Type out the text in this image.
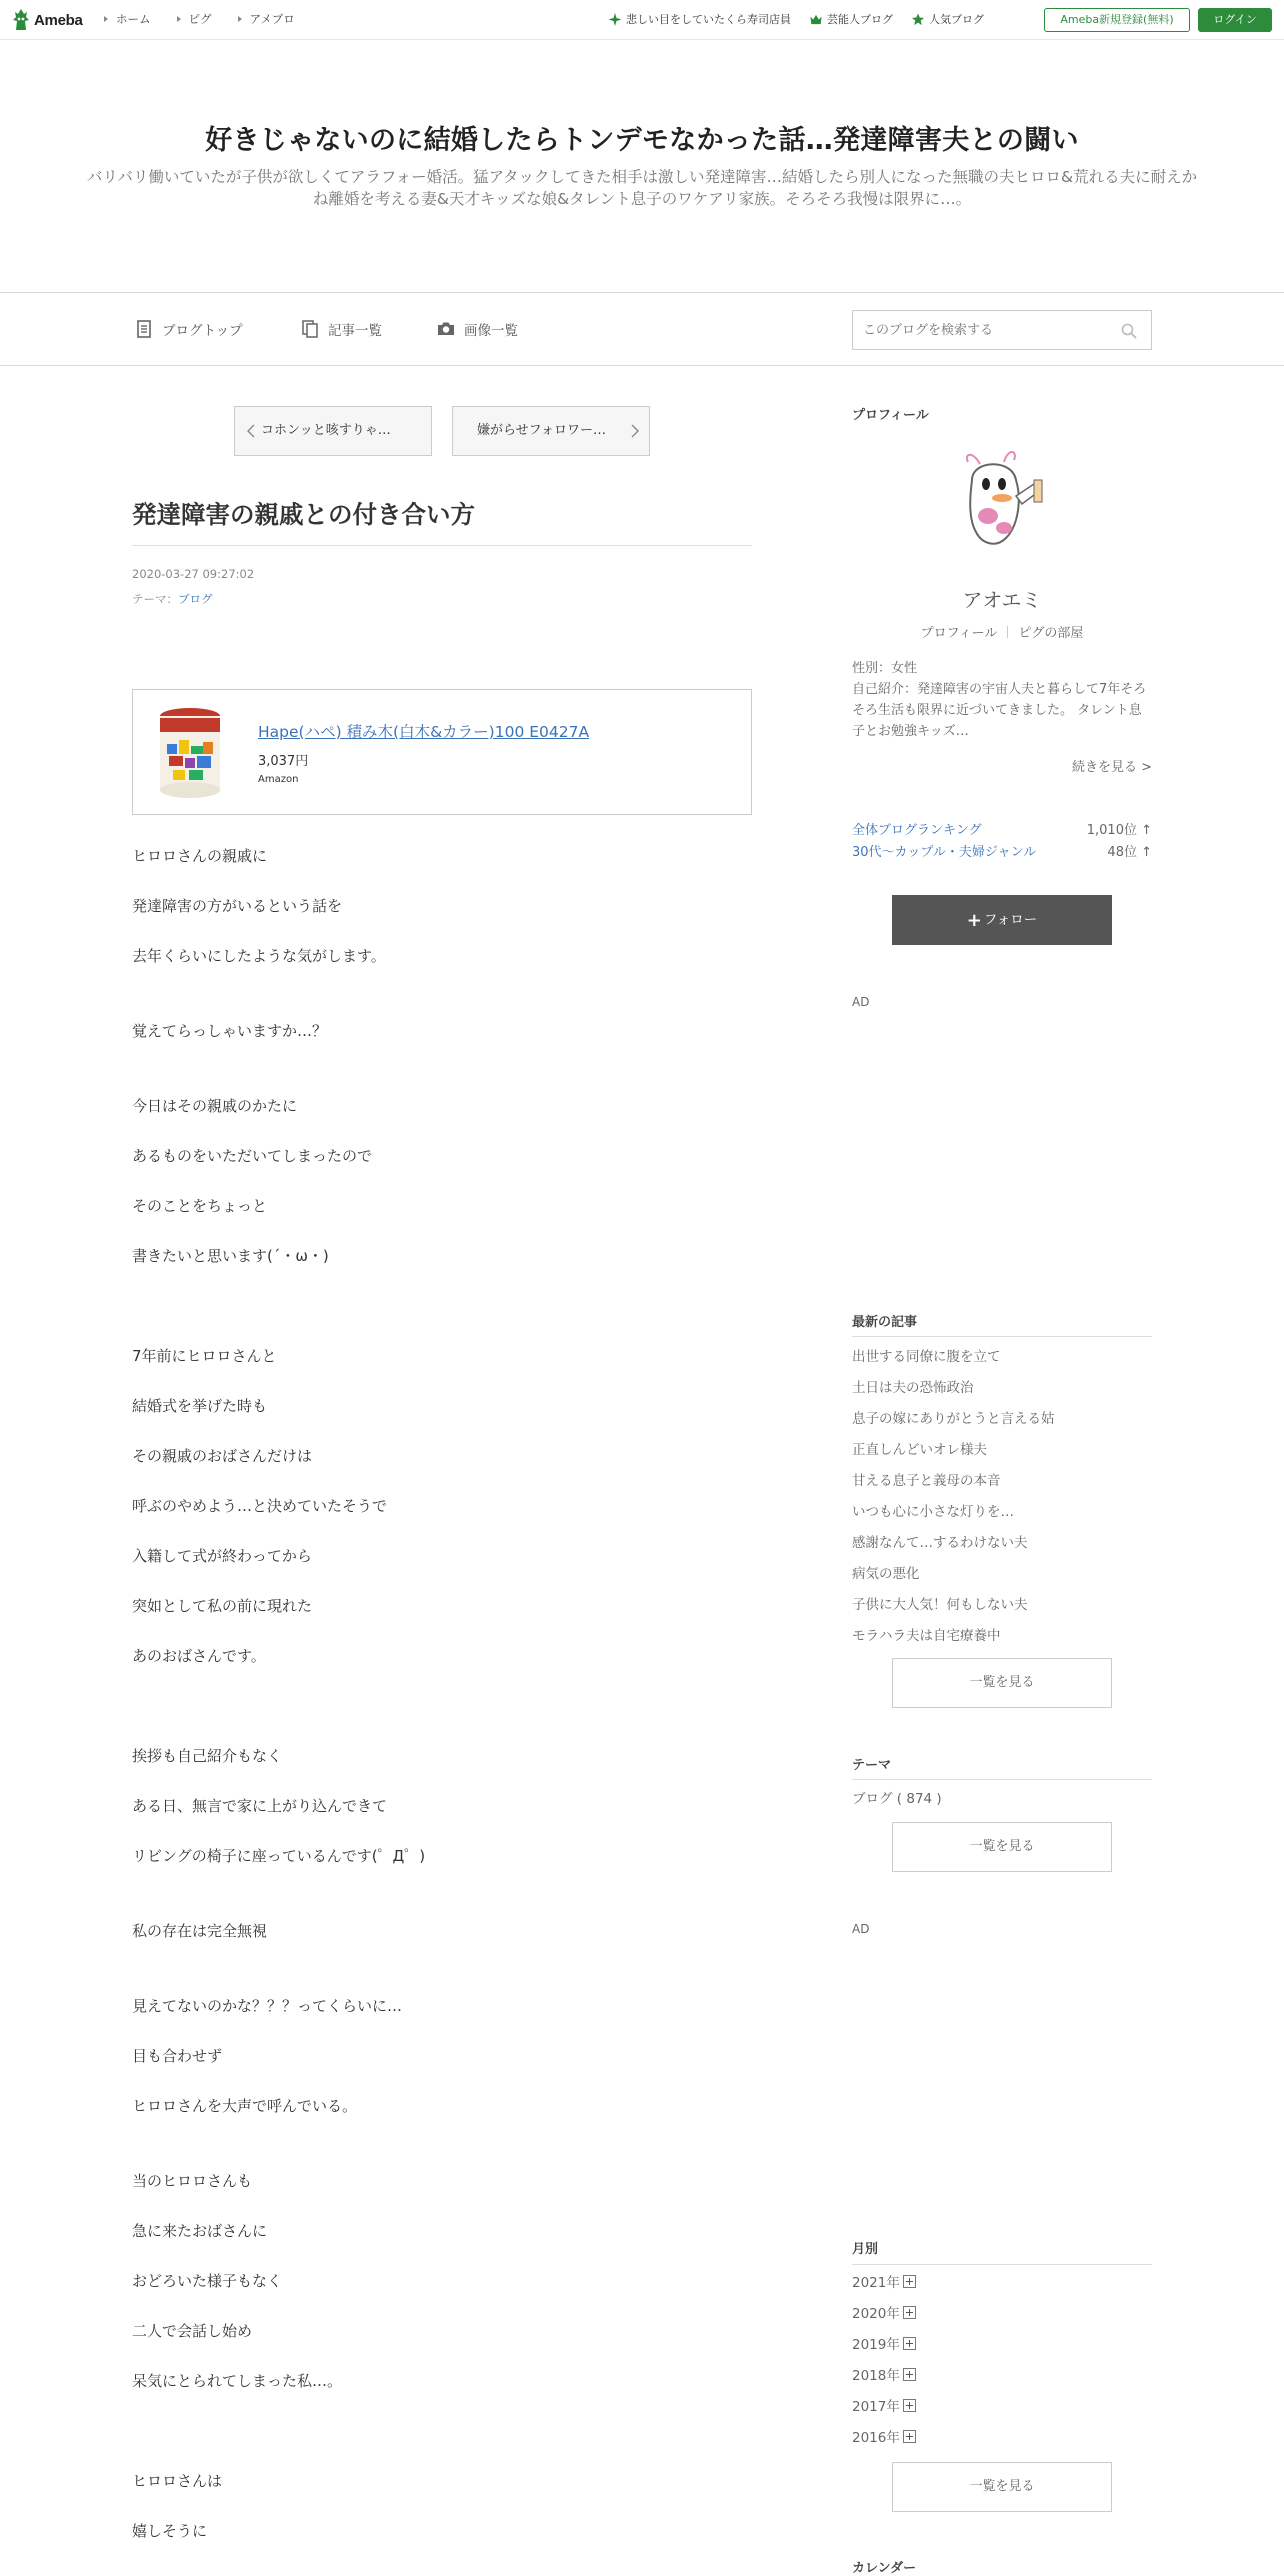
Ameba	ホーム	ピグ	アメブロ	悲しい目をしていたくら寿司店員	芸能人ブログ	人気ブログ	Ameba新規登録(無料)	ログイン
好きじゃないのに結婚したらトンデモなかった話…発達障害夫との闘い

バリバリ働いていたが子供が欲しくてアラフォー婚活。猛アタックしてきた相手は激しい発達障害…結婚したら別人になった無職の夫ヒロロ&荒れる夫に耐えかね離婚を考える妻&天才キッズな娘&タレント息子のワケアリ家族。そろそろ我慢は限界に…。

ブログトップ	記事一覧	画像一覧
このブログを検索する
コホンッと咳すりゃ…	嫌がらせフォロワー…
発達障害の親戚との付き合い方
2020-03-27 09:27:02
テーマ：ブログ
Hape(ハペ) 積み木(白木&カラー)100 E0427A
3,037円
Amazon

ヒロロさんの親戚に

発達障害の方がいるという話を

去年くらいにしたような気がします。

覚えてらっしゃいますか…？

今日はその親戚のかたに

あるものをいただいてしまったので

そのことをちょっと

書きたいと思います(´・ω・)

7年前にヒロロさんと

結婚式を挙げた時も

その親戚のおばさんだけは

呼ぶのやめよう…と決めていたそうで

入籍して式が終わってから

突如として私の前に現れた

あのおばさんです。

挨拶も自己紹介もなく

ある日、無言で家に上がり込んできて

リビングの椅子に座っているんです(゜Д゜)

私の存在は完全無視

見えてないのかな？？？ってくらいに…

目も合わせず

ヒロロさんを大声で呼んでいる。

当のヒロロさんも

急に来たおばさんに

おどろいた様子もなく

二人で会話し始め

呆気にとられてしまった私…。

ヒロロさんは

嬉しそうに

プロフィール
アオエミ
プロフィール ピグの部屋
性別：女性
自己紹介：発達障害の宇宙人夫と暮らして7年そろそろ生活も限界に近づいてきました。 タレント息子とお勉強キッズ…
続きを見る >
全体ブログランキング	1,010位 ↑
30代〜カップル・夫婦ジャンル	48位 ↑
+ フォロー
AD
最新の記事
出世する同僚に腹を立て
土日は夫の恐怖政治
息子の嫁にありがとうと言える姑
正直しんどいオレ様夫
甘える息子と義母の本音
いつも心に小さな灯りを…
感謝なんて…するわけない夫
病気の悪化
子供に大人気！何もしない夫
モラハラ夫は自宅療養中
一覧を見る
テーマ
ブログ ( 874 )
一覧を見る
AD
月別
2021年
2020年
2019年
2018年
2017年
2016年
一覧を見る
カレンダー
